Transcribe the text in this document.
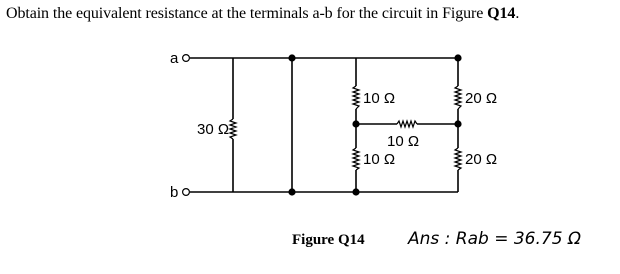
Obtain the equivalent resistance at the terminals a-b for the circuit in Figure Q14.
a
b
30 Ω
10 Ω	20 Ω
10 Ω
10 Ω	20 Ω
Figure Q14	Ans : Rab = 36.75 Ω
